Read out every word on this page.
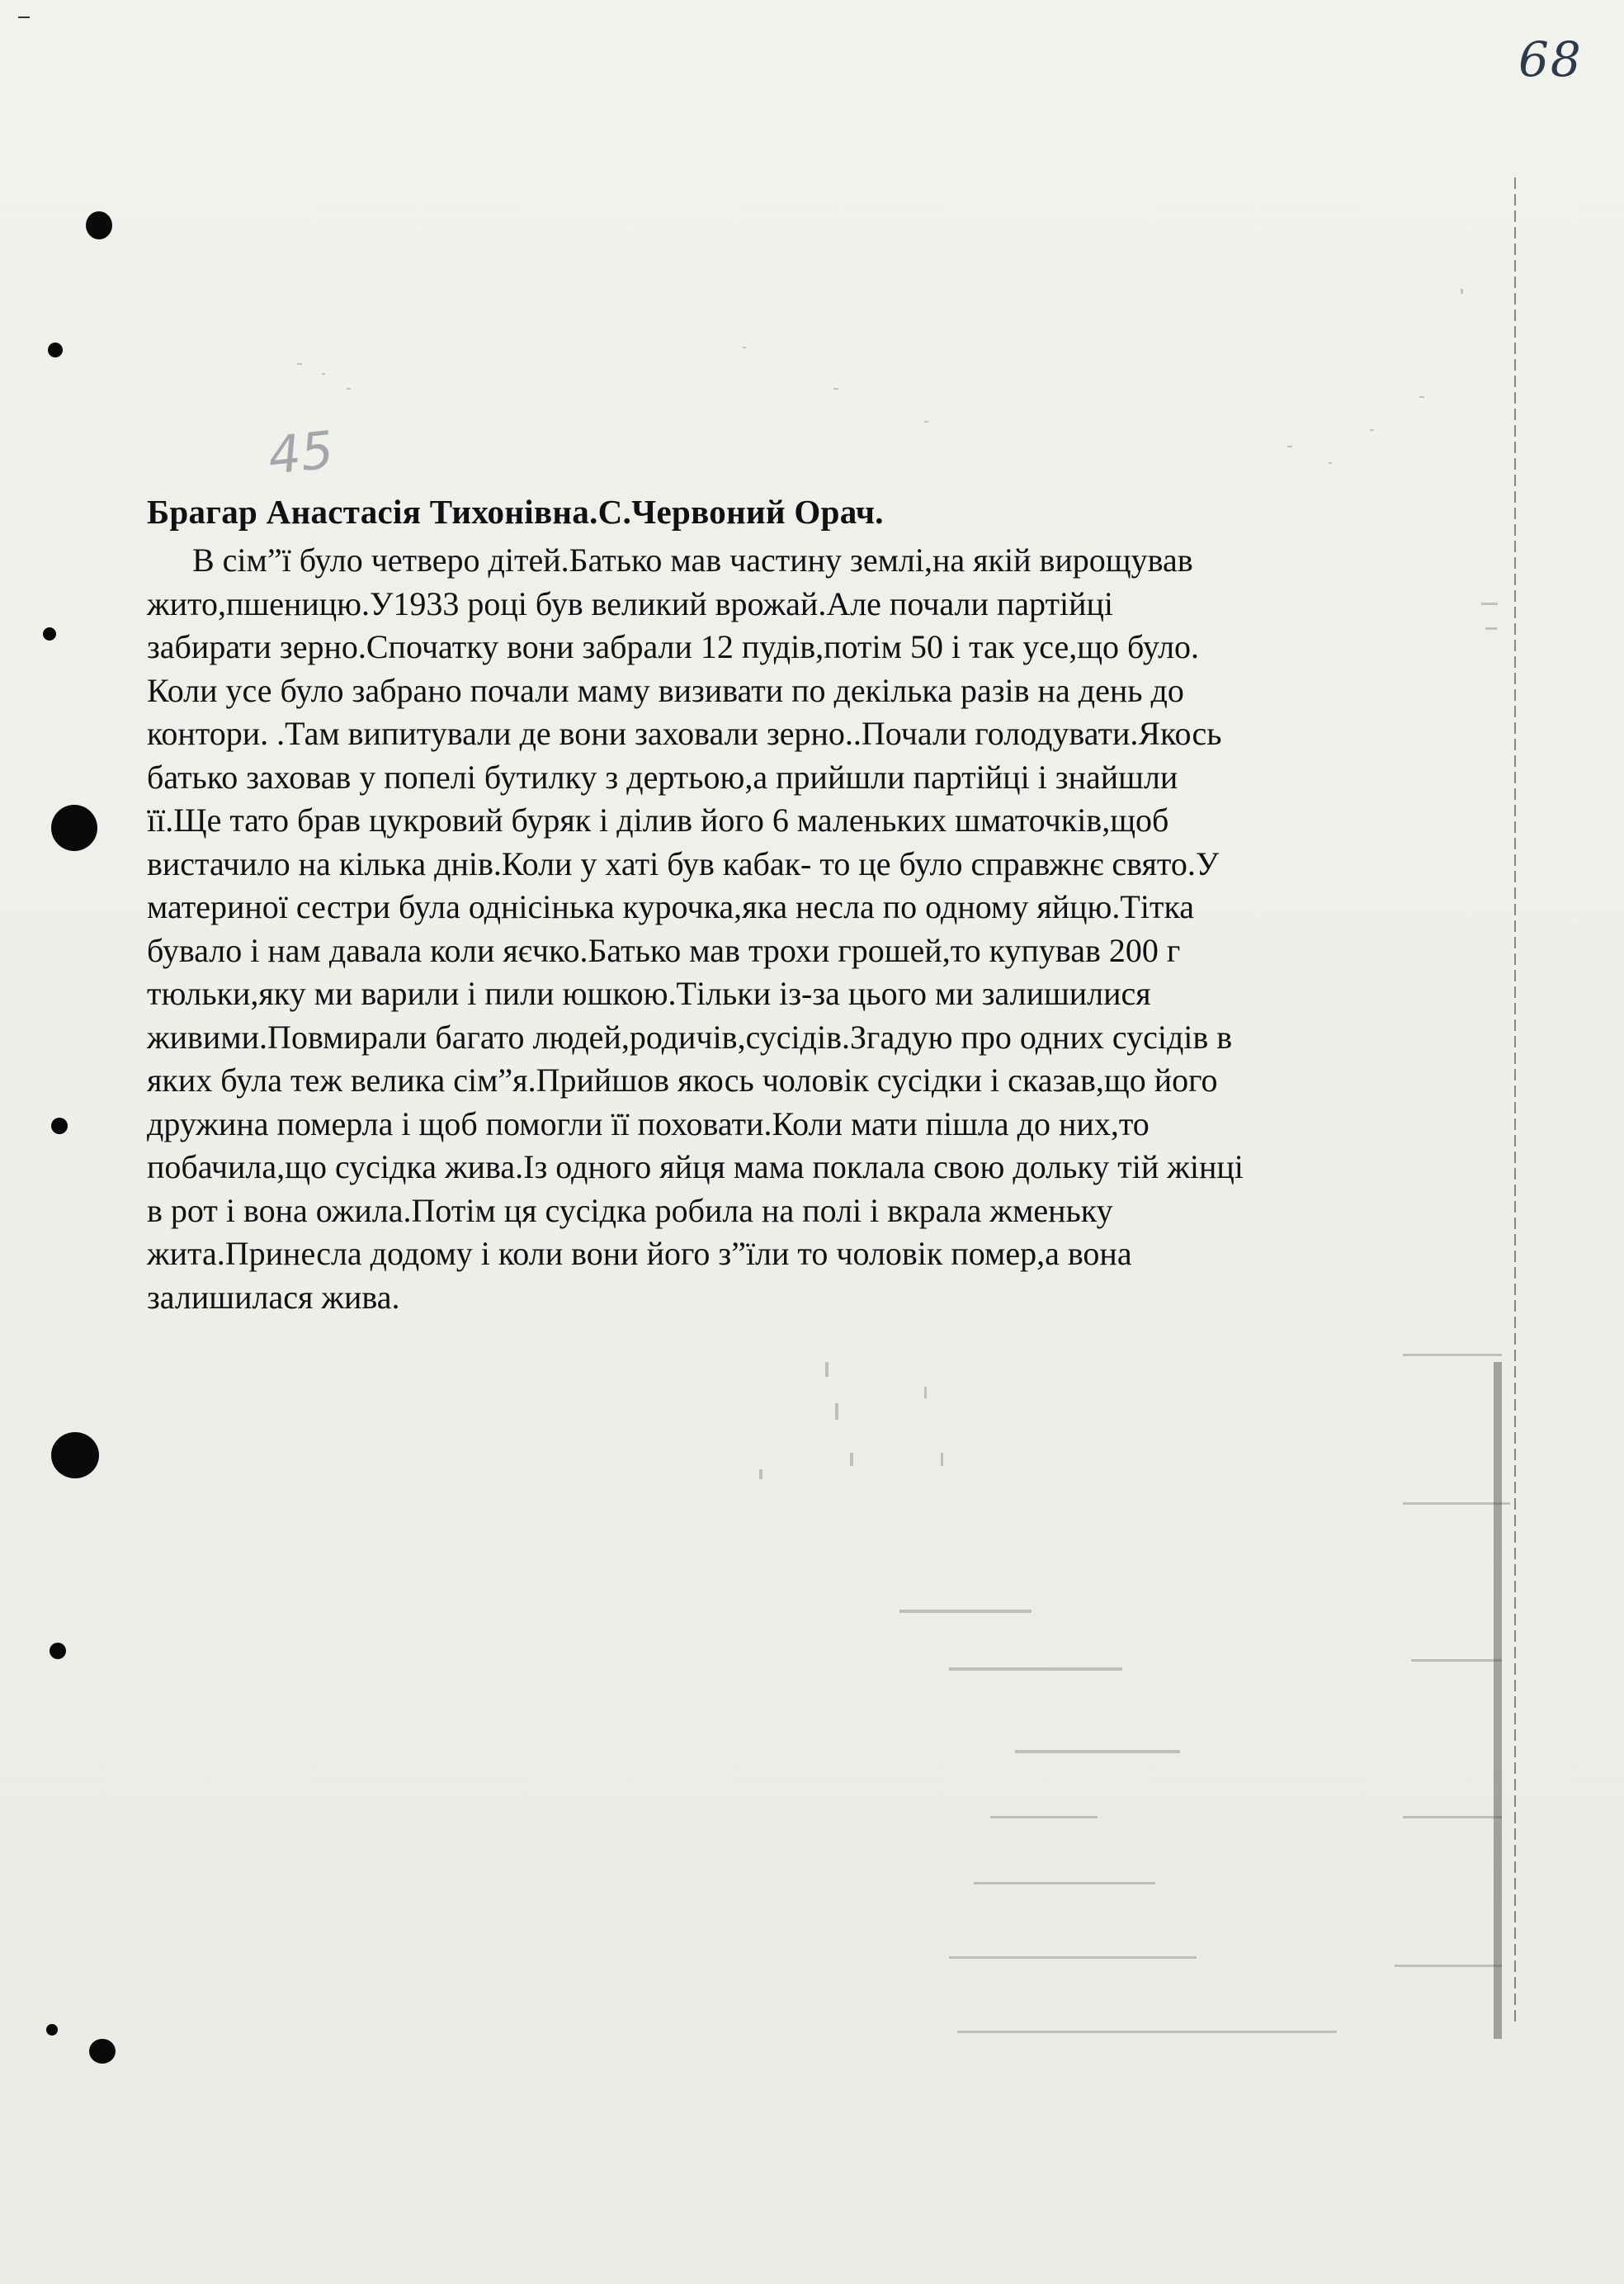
68
45
Брагар Анастасія Тихонівна.С.Червоний Орач.

В сім”ї було четверо дітей.Батько мав частину землі,на якій вирощував
жито,пшеницю.У1933 році був великий врожай.Але почали партійці
забирати зерно.Спочатку вони забрали 12 пудів,потім 50 і так усе,що було.
Коли усе було забрано почали маму визивати по декілька разів на день до
контори. .Там випитували де вони заховали зерно..Почали голодувати.Якось
батько заховав у попелі бутилку з дертьою,а прийшли партійці і знайшли
її.Ще тато брав цукровий буряк і ділив його 6 маленьких шматочків,щоб
вистачило на кілька днів.Коли у хаті був кабак- то це було справжнє свято.У
материної сестри була однісінька курочка,яка несла по одному яйцю.Тітка
бувало і нам давала коли яєчко.Батько мав трохи грошей,то купував 200 г
тюльки,яку ми варили і пили юшкою.Тільки із-за цього ми залишилися
живими.Повмирали багато людей,родичів,сусідів.Згадую про одних сусідів в
яких була теж велика сім”я.Прийшов якось чоловік сусідки і сказав,що його
дружина померла і щоб помогли її поховати.Коли мати пішла до них,то
побачила,що сусідка жива.Із одного яйця мама поклала свою дольку тій жінці
в рот і вона ожила.Потім ця сусідка робила на полі і вкрала жменьку
жита.Принесла додому і коли вони його з”їли то чоловік помер,а вона
залишилася жива.
